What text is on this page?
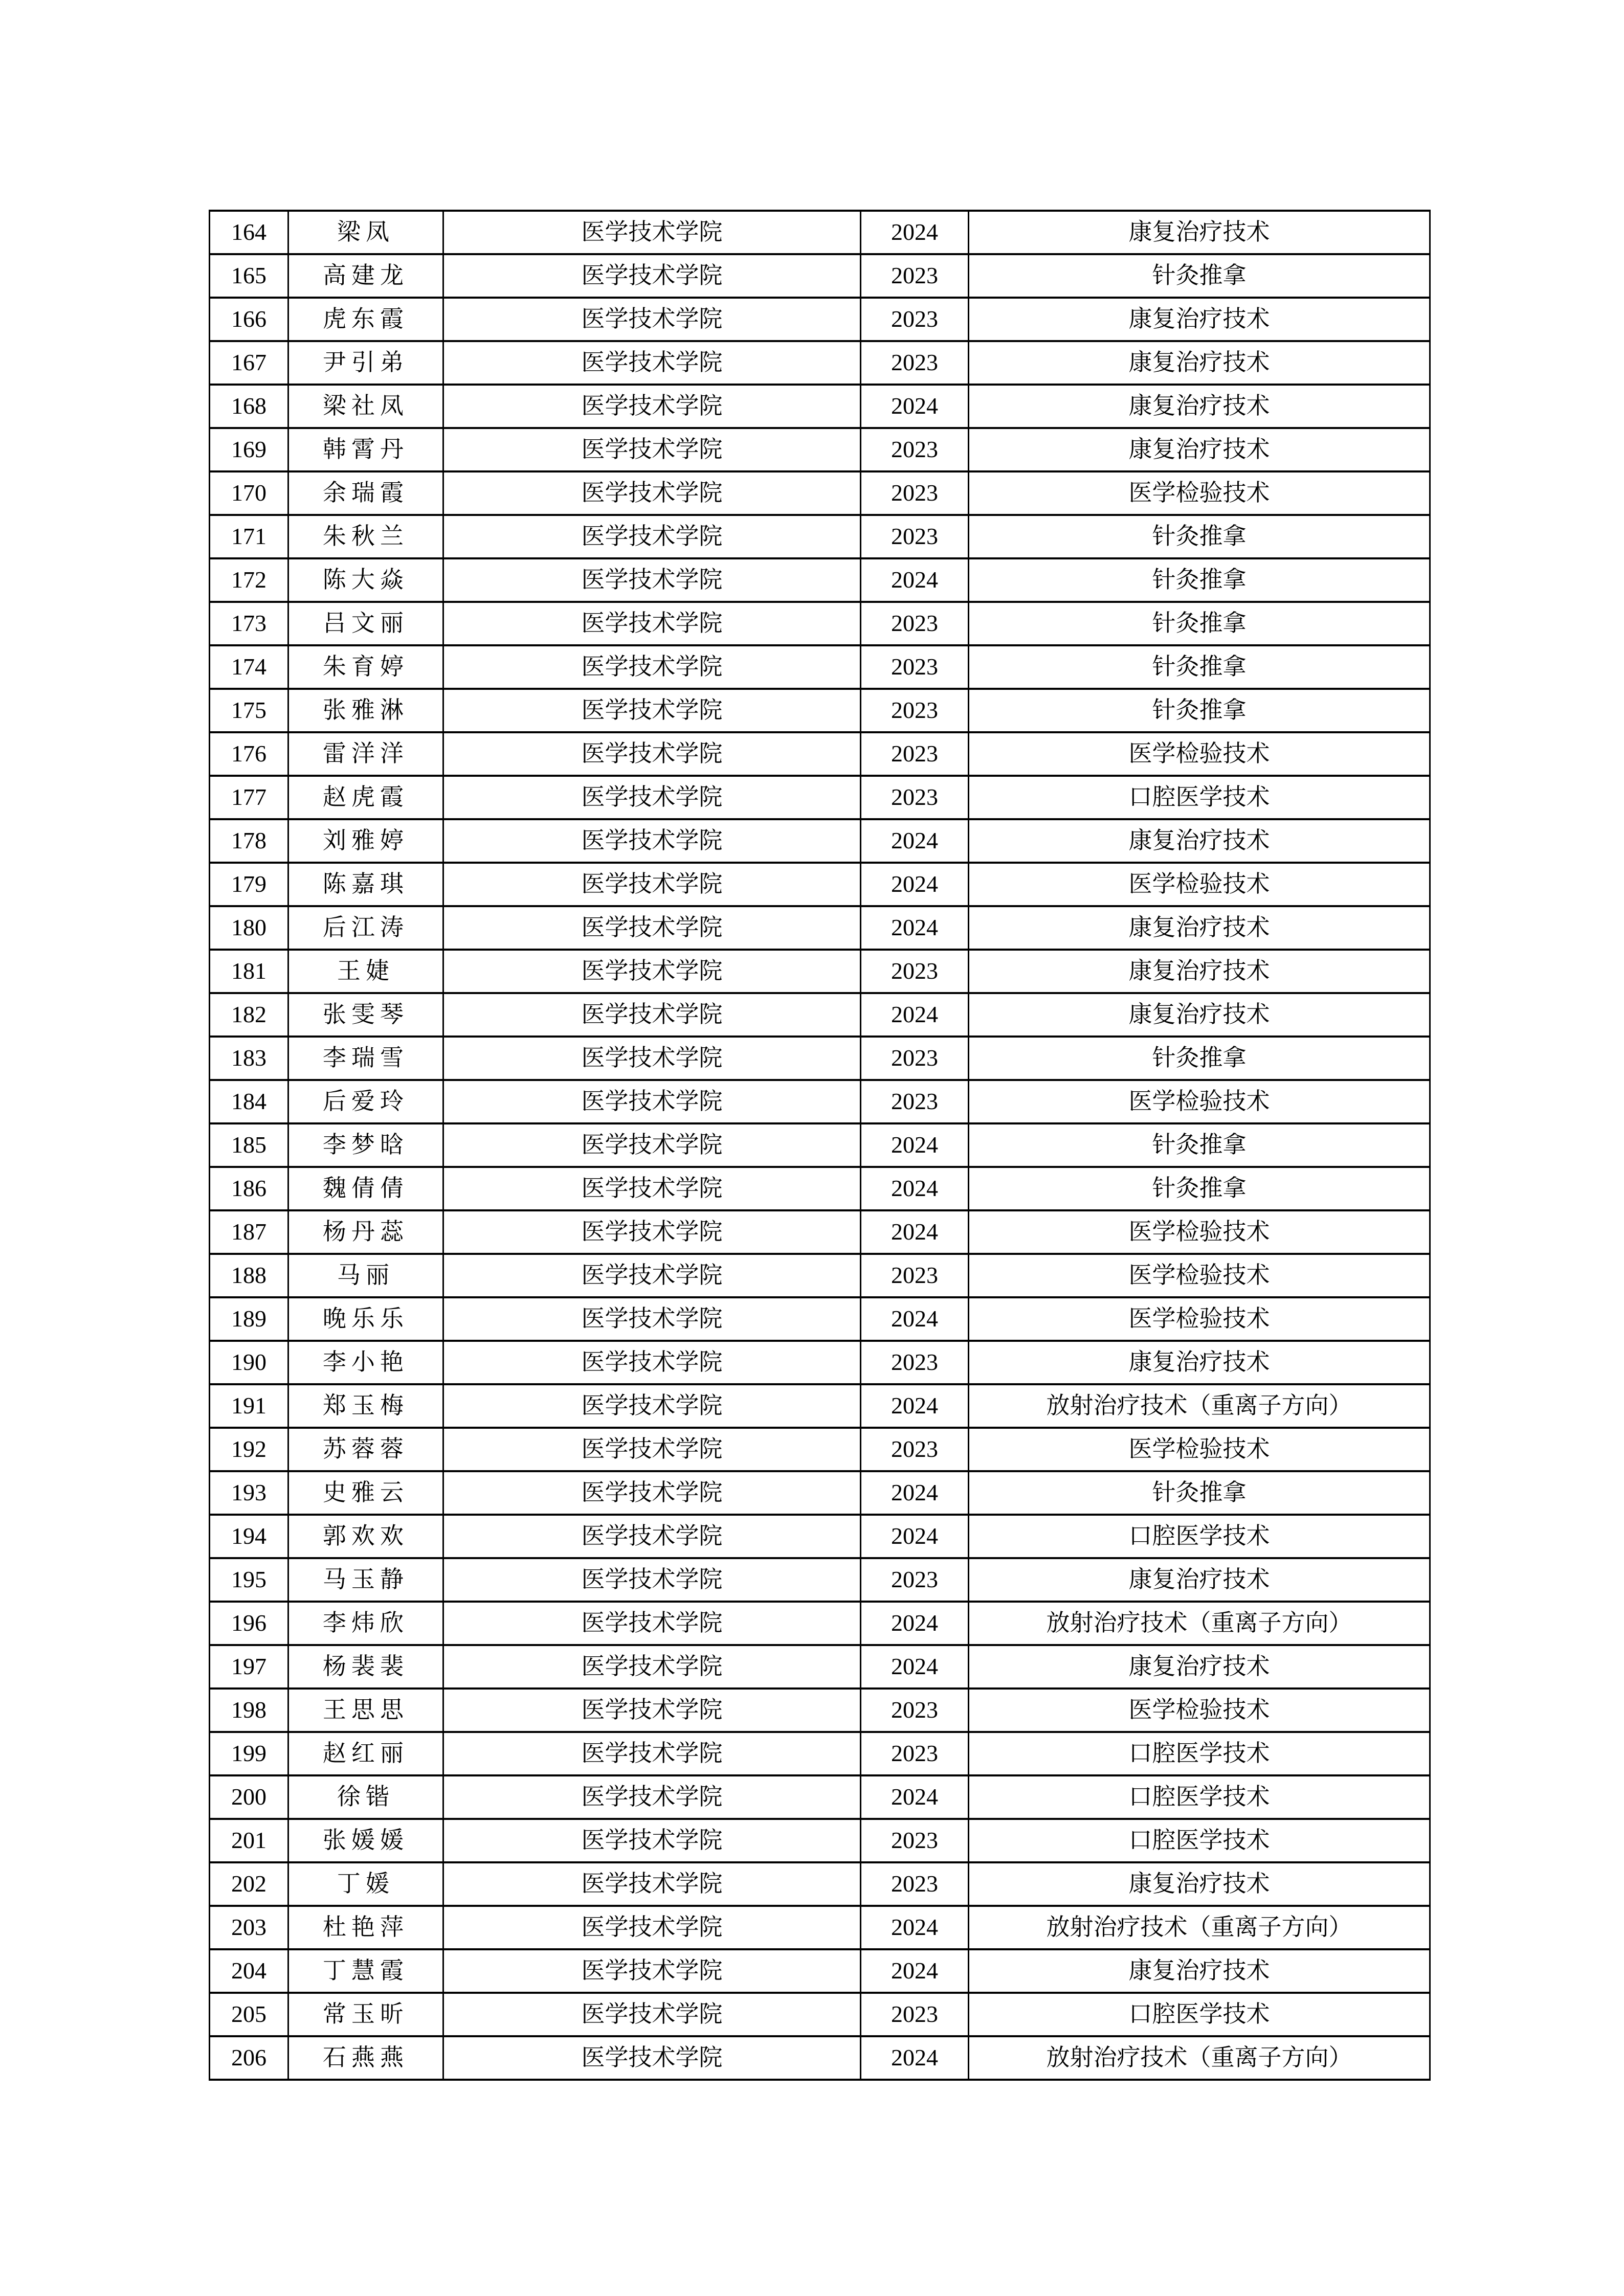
164	梁凤	医学技术学院	2024	康复治疗技术
165	高建龙	医学技术学院	2023	针灸推拿
166	虎东霞	医学技术学院	2023	康复治疗技术
167	尹引弟	医学技术学院	2023	康复治疗技术
168	梁社凤	医学技术学院	2024	康复治疗技术
169	韩霄丹	医学技术学院	2023	康复治疗技术
170	余瑞霞	医学技术学院	2023	医学检验技术
171	朱秋兰	医学技术学院	2023	针灸推拿
172	陈大焱	医学技术学院	2024	针灸推拿
173	吕文丽	医学技术学院	2023	针灸推拿
174	朱育婷	医学技术学院	2023	针灸推拿
175	张雅淋	医学技术学院	2023	针灸推拿
176	雷洋洋	医学技术学院	2023	医学检验技术
177	赵虎霞	医学技术学院	2023	口腔医学技术
178	刘雅婷	医学技术学院	2024	康复治疗技术
179	陈嘉琪	医学技术学院	2024	医学检验技术
180	后江涛	医学技术学院	2024	康复治疗技术
181	王婕	医学技术学院	2023	康复治疗技术
182	张雯琴	医学技术学院	2024	康复治疗技术
183	李瑞雪	医学技术学院	2023	针灸推拿
184	后爱玲	医学技术学院	2023	医学检验技术
185	李梦晗	医学技术学院	2024	针灸推拿
186	魏倩倩	医学技术学院	2024	针灸推拿
187	杨丹蕊	医学技术学院	2024	医学检验技术
188	马丽	医学技术学院	2023	医学检验技术
189	晚乐乐	医学技术学院	2024	医学检验技术
190	李小艳	医学技术学院	2023	康复治疗技术
191	郑玉梅	医学技术学院	2024	放射治疗技术（重离子方向）
192	苏蓉蓉	医学技术学院	2023	医学检验技术
193	史雅云	医学技术学院	2024	针灸推拿
194	郭欢欢	医学技术学院	2024	口腔医学技术
195	马玉静	医学技术学院	2023	康复治疗技术
196	李炜欣	医学技术学院	2024	放射治疗技术（重离子方向）
197	杨裴裴	医学技术学院	2024	康复治疗技术
198	王思思	医学技术学院	2023	医学检验技术
199	赵红丽	医学技术学院	2023	口腔医学技术
200	徐锴	医学技术学院	2024	口腔医学技术
201	张媛媛	医学技术学院	2023	口腔医学技术
202	丁媛	医学技术学院	2023	康复治疗技术
203	杜艳萍	医学技术学院	2024	放射治疗技术（重离子方向）
204	丁慧霞	医学技术学院	2024	康复治疗技术
205	常玉昕	医学技术学院	2023	口腔医学技术
206	石燕燕	医学技术学院	2024	放射治疗技术（重离子方向）
